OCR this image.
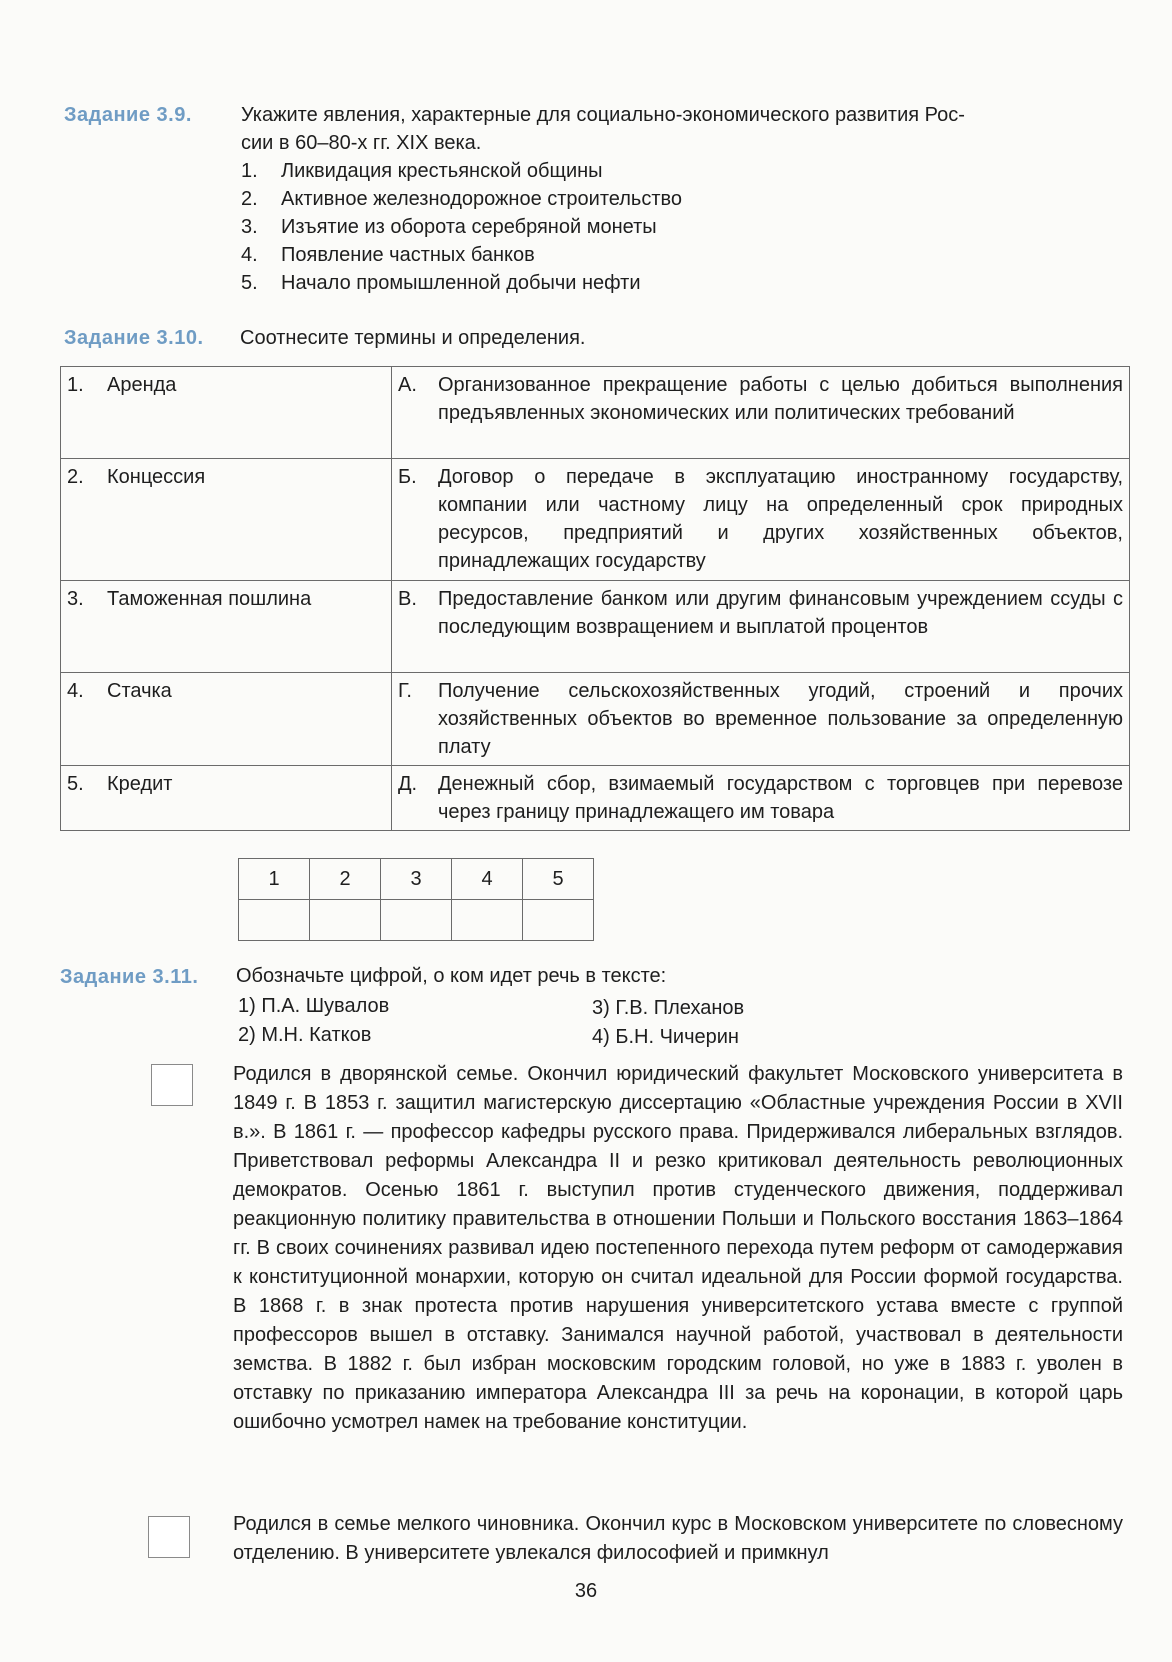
Задание 3.9. Укажите явления, характерные для социально-экономического развития Рос-
сии в 60–80-х гг. XIX века.
1. Ликвидация крестьянской общины
2. Активное железнодорожное строительство
3. Изъятие из оборота серебряной монеты
4. Появление частных банков
5. Начало промышленной добычи нефти
Задание 3.10. Соотнесите термины и определения.
1. Аренда	А. Организованное прекращение работы с целью добиться выполнения предъявленных экономических или политических требований

2. Концессия	Б. Договор о передаче в эксплуатацию иностранному государству, компании или частному лицу на определенный срок природных ресурсов, предприятий и других хозяйственных объектов, принадлежащих государству

3. Таможенная пошлина	В. Предоставление банком или другим финансовым учреждением ссуды с последующим возвращением и выплатой процентов

4. Стачка	Г. Получение сельскохозяйственных угодий, строений и прочих хозяйственных объектов во временное пользование за определенную плату

5. Кредит	Д. Денежный сбор, взимаемый государством с торговцев при перевозе через границу принадлежащего им товара
1	2	3	4	5

Задание 3.11. Обозначьте цифрой, о ком идет речь в тексте:
1) П.А. Шувалов
2) М.Н. Катков
3) Г.В. Плеханов
4) Б.Н. Чичерин
Родился в дворянской семье. Окончил юридический факультет Московского университета в 1849 г. В 1853 г. защитил магистерскую диссертацию «Областные учреждения России в XVII в.». В 1861 г. — профессор кафедры русского права. Придерживался либеральных взглядов. Приветствовал реформы Александра II и резко критиковал деятельность революционных демократов. Осенью 1861 г. выступил против студенческого движения, поддерживал реакционную политику правительства в отношении Польши и Польского восстания 1863–1864 гг. В своих сочинениях развивал идею постепенного перехода путем реформ от самодержавия к конституционной монархии, которую он считал идеальной для России формой государства. В 1868 г. в знак протеста против нарушения университетского устава вместе с группой профессоров вышел в отставку. Занимался научной работой, участвовал в деятельности земства. В 1882 г. был избран московским городским головой, но уже в 1883 г. уволен в отставку по приказанию императора Александра III за речь на коронации, в которой царь ошибочно усмотрел намек на требование конституции.
Родился в семье мелкого чиновника. Окончил курс в Московском университете по словесному отделению. В университете увлекался философией и примкнул
36
